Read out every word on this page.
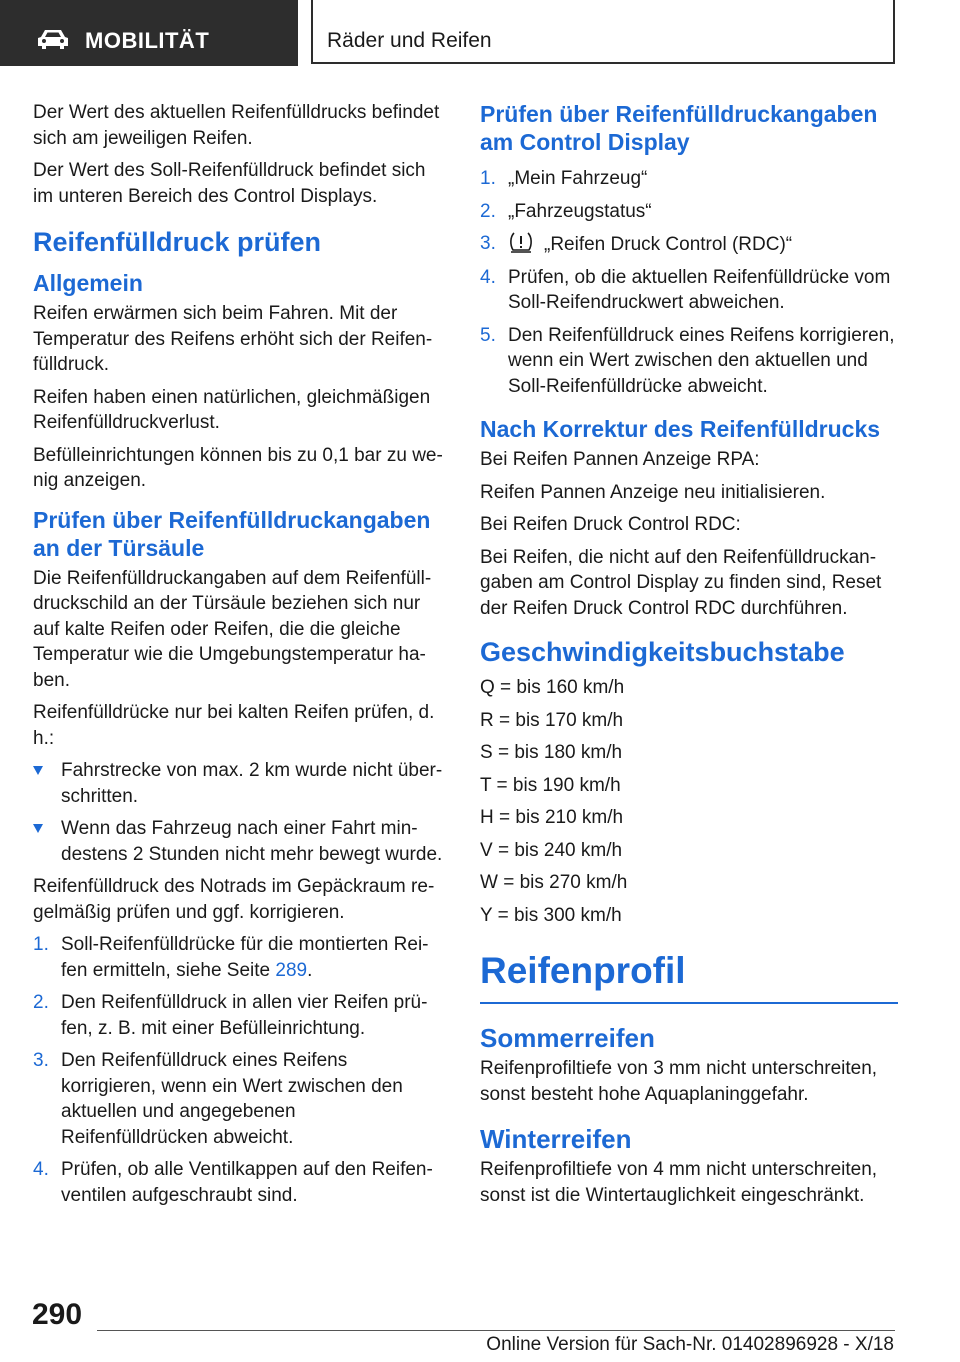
MOBILITÄT	Räder und Reifen

Der Wert des aktuellen Reifenfülldrucks befindet sich am jeweiligen Reifen.

Der Wert des Soll‑Reifenfülldruck befindet sich im unteren Bereich des Control Displays.

Reifenfülldruck prüfen
Allgemein

Reifen erwärmen sich beim Fahren. Mit der Temperatur des Reifens erhöht sich der Reifenfülldruck.

Reifen haben einen natürlichen, gleichmäßigen Reifenfülldruckverlust.

Befülleinrichtungen können bis zu 0,1 bar zu wenig anzeigen.

Prüfen über Reifenfülldruckangaben an der Türsäule

Die Reifenfülldruckangaben auf dem Reifenfülldruckschild an der Türsäule beziehen sich nur auf kalte Reifen oder Reifen, die die gleiche Temperatur wie die Umgebungstemperatur haben.

Reifenfülldrücke nur bei kalten Reifen prüfen, d. h.:

Fahrstrecke von max. 2 km wurde nicht überschritten.
Wenn das Fahrzeug nach einer Fahrt mindestens 2 Stunden nicht mehr bewegt wurde.

Reifenfülldruck des Notrads im Gepäckraum regelmäßig prüfen und ggf. korrigieren.

1. Soll‑Reifenfülldrücke für die montierten Reifen ermitteln, siehe Seite 289.
2. Den Reifenfülldruck in allen vier Reifen prüfen, z. B. mit einer Befülleinrichtung.
3. Den Reifenfülldruck eines Reifens korrigieren, wenn ein Wert zwischen den aktuellen und angegebenen Reifenfülldrücken abweicht.
4. Prüfen, ob alle Ventilkappen auf den Reifenventilen aufgeschraubt sind.
Prüfen über Reifenfülldruckangaben am Control Display
1. „Mein Fahrzeug“
2. „Fahrzeugstatus“
3.	„Reifen Druck Control (RDC)“
4. Prüfen, ob die aktuellen Reifenfülldrücke vom Soll‑Reifendruckwert abweichen.
5. Den Reifenfülldruck eines Reifens korrigieren, wenn ein Wert zwischen den aktuellen und Soll‑Reifenfülldrücke abweicht.
Nach Korrektur des Reifenfülldrucks

Bei Reifen Pannen Anzeige RPA:

Reifen Pannen Anzeige neu initialisieren.

Bei Reifen Druck Control RDC:

Bei Reifen, die nicht auf den Reifenfülldruckangaben am Control Display zu finden sind, Reset der Reifen Druck Control RDC durchführen.

Geschwindigkeitsbuchstabe

Q = bis 160 km/h

R = bis 170 km/h

S = bis 180 km/h

T = bis 190 km/h

H = bis 210 km/h

V = bis 240 km/h

W = bis 270 km/h

Y = bis 300 km/h

Reifenprofil
Sommerreifen

Reifenprofiltiefe von 3 mm nicht unterschreiten, sonst besteht hohe Aquaplaninggefahr.

Winterreifen

Reifenprofiltiefe von 4 mm nicht unterschreiten, sonst ist die Wintertauglichkeit eingeschränkt.

290
Online Version für Sach‑Nr. 01402896928 ‑ X/18
